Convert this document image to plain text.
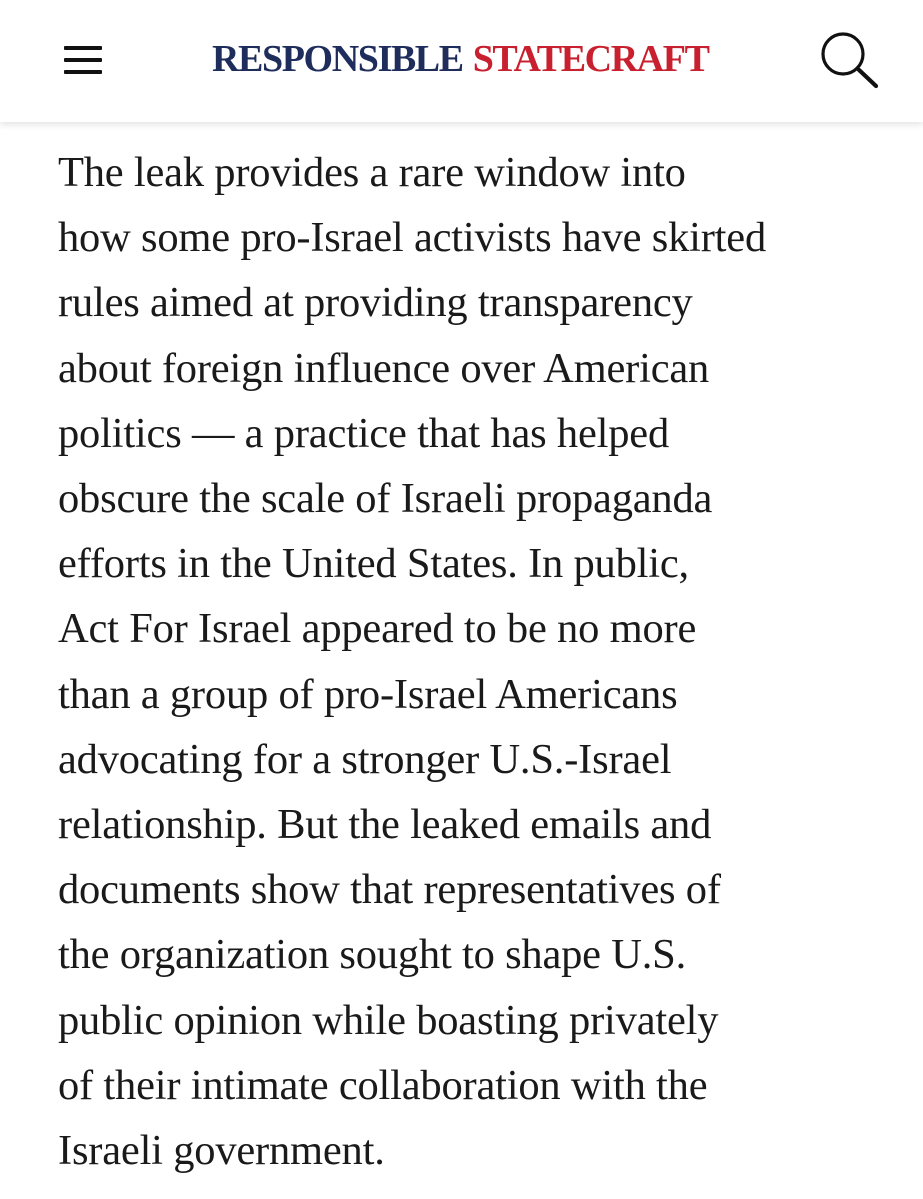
RESPONSIBLE STATECRAFT

The leak provides a rare window into
how some pro-Israel activists have skirted
rules aimed at providing transparency
about foreign influence over American
politics — a practice that has helped
obscure the scale of Israeli propaganda
efforts in the United States. In public,
Act For Israel appeared to be no more
than a group of pro-Israel Americans
advocating for a stronger U.S.-Israel
relationship. But the leaked emails and
documents show that representatives of
the organization sought to shape U.S.
public opinion while boasting privately
of their intimate collaboration with the
Israeli government.
